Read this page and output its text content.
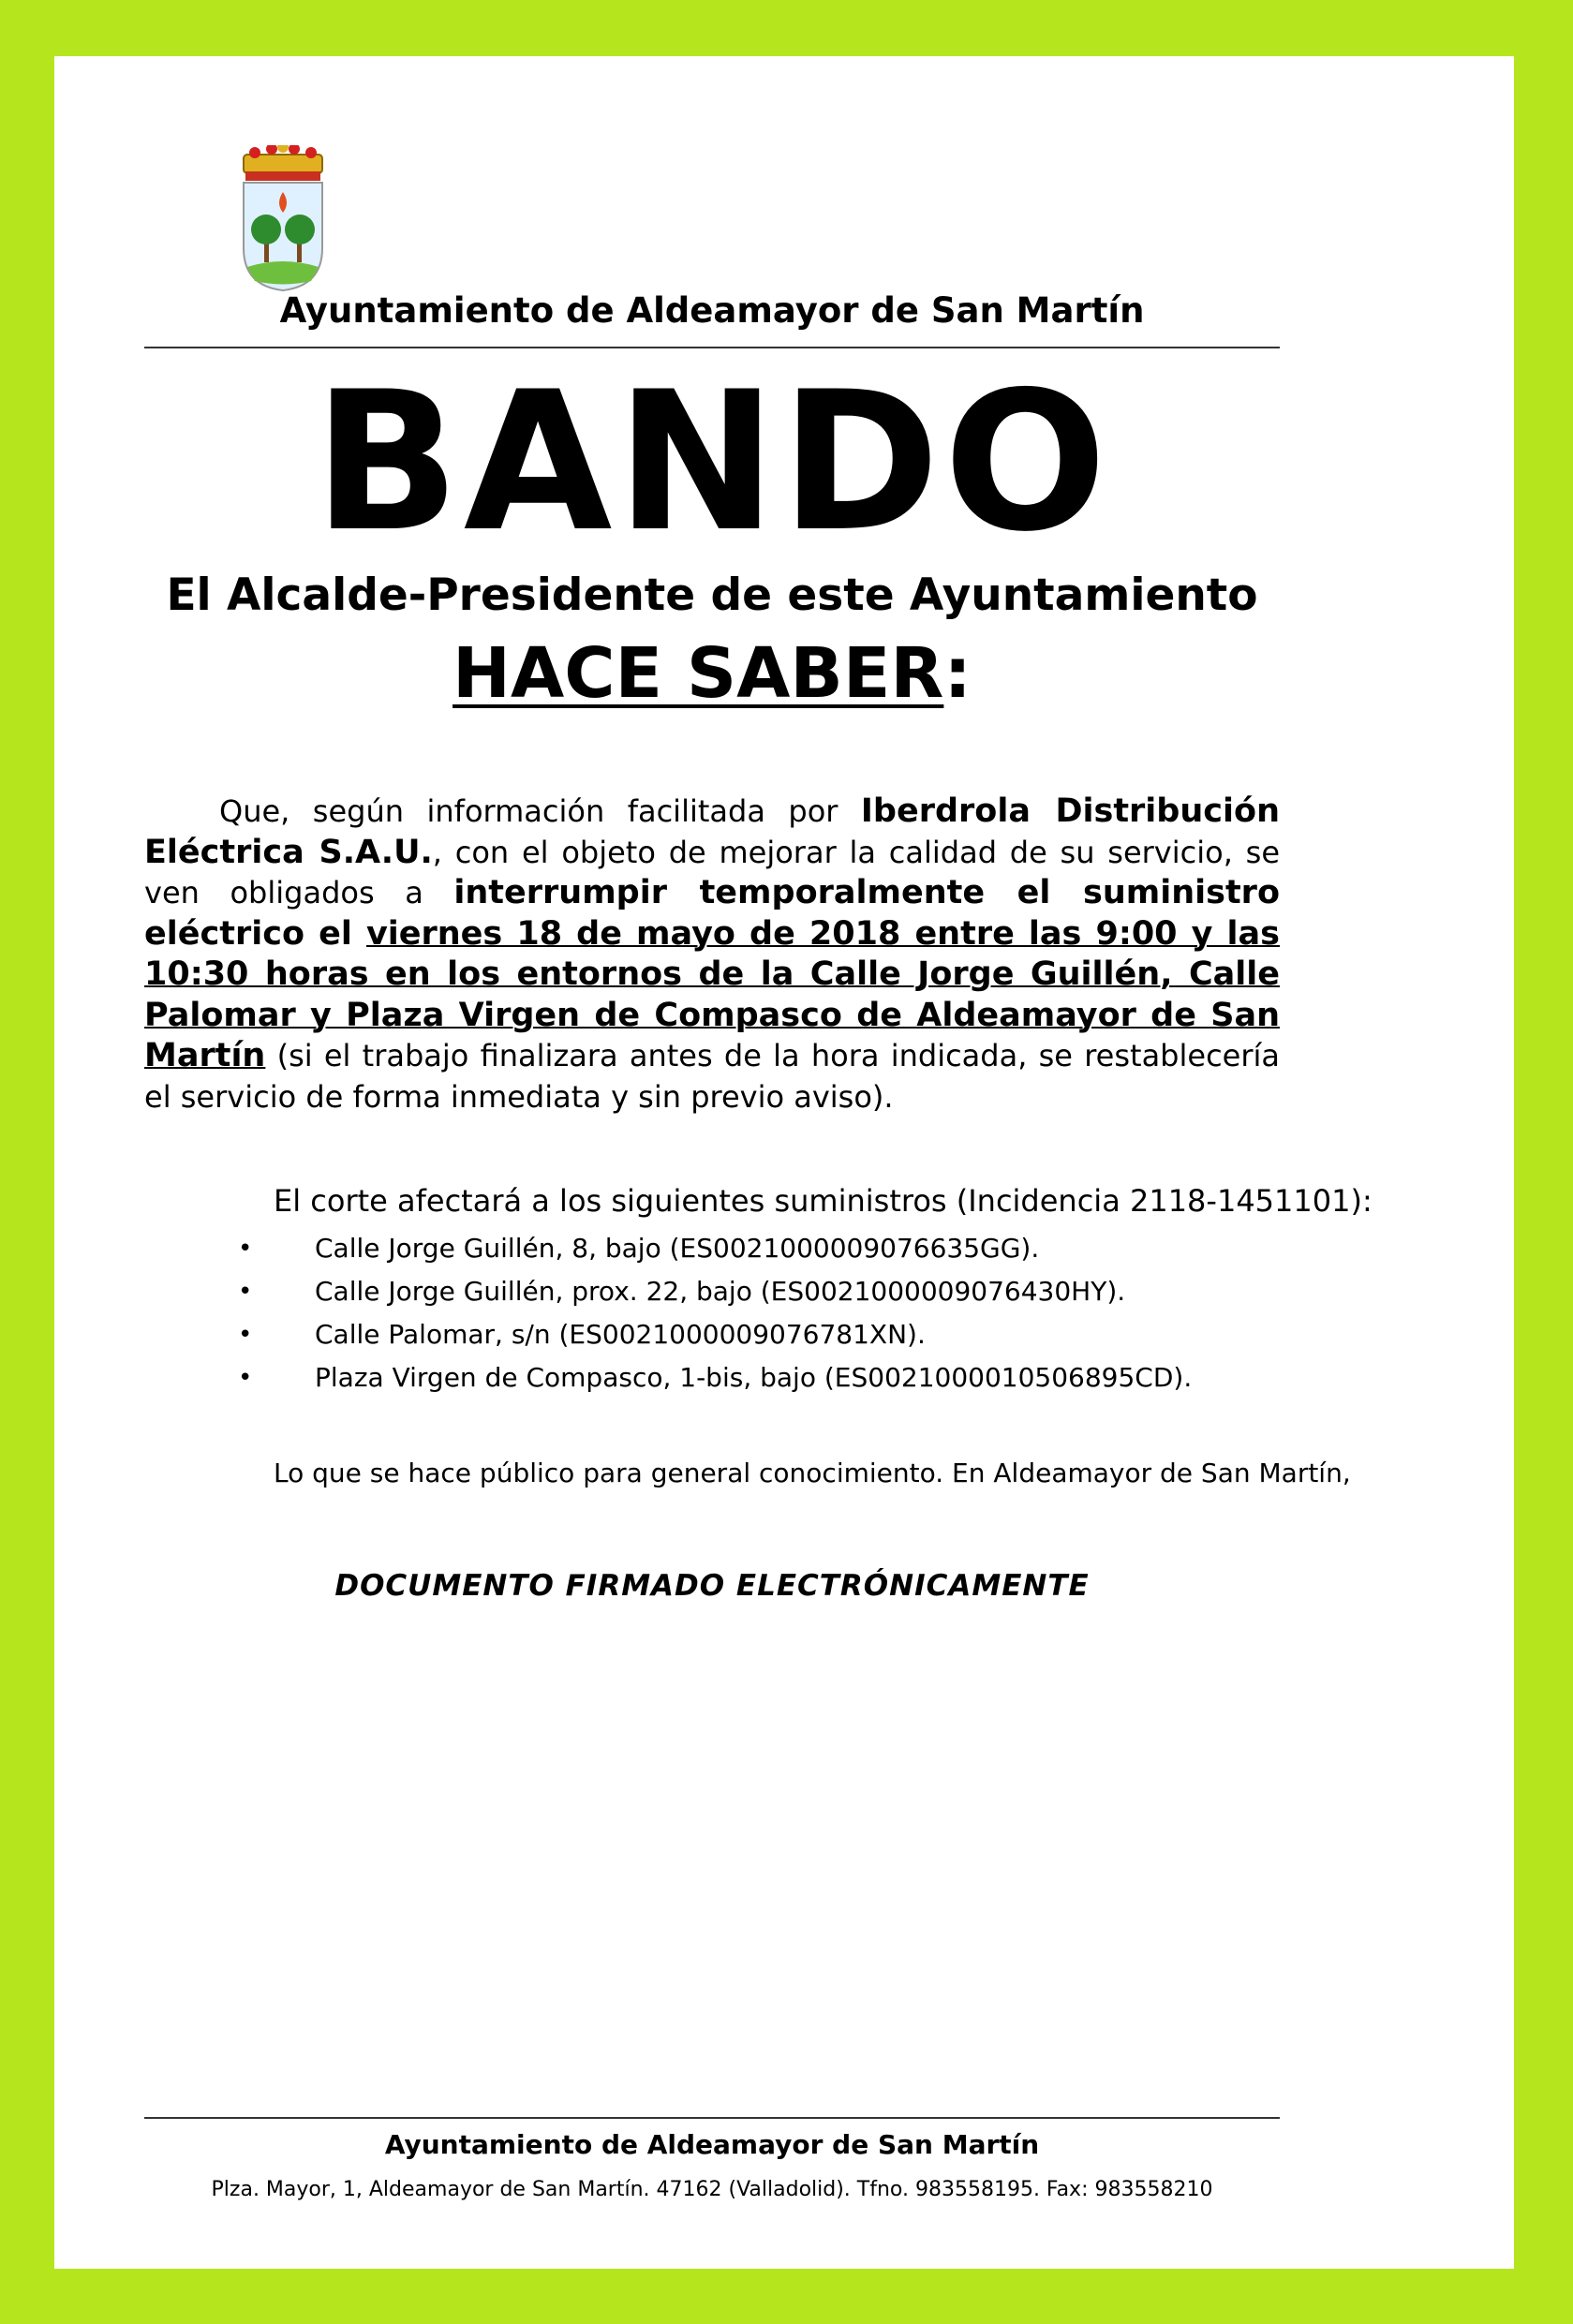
Ayuntamiento de Aldeamayor de San Martín
BANDO
El Alcalde-Presidente de este Ayuntamiento
HACE SABER:
Que, según información facilitada por Iberdrola Distribución Eléctrica S.A.U., con el objeto de mejorar la calidad de su servicio, se ven obligados a interrumpir temporalmente el suministro eléctrico el viernes 18 de mayo de 2018 entre las 9:00 y las 10:30 horas en los entornos de la Calle Jorge Guillén, Calle Palomar y Plaza Virgen de Compasco de Aldeamayor de San Martín (si el trabajo finalizara antes de la hora indicada, se restablecería el servicio de forma inmediata y sin previo aviso).
El corte afectará a los siguientes suministros (Incidencia 2118-1451101):
• Calle Jorge Guillén, 8, bajo (ES0021000009076635GG).
• Calle Jorge Guillén, prox. 22, bajo (ES0021000009076430HY).
• Calle Palomar, s/n (ES0021000009076781XN).
• Plaza Virgen de Compasco, 1-bis, bajo (ES0021000010506895CD).
Lo que se hace público para general conocimiento. En Aldeamayor de San Martín,
DOCUMENTO FIRMADO ELECTRÓNICAMENTE
Ayuntamiento de Aldeamayor de San Martín
Plza. Mayor, 1, Aldeamayor de San Martín. 47162 (Valladolid). Tfno. 983558195. Fax: 983558210
